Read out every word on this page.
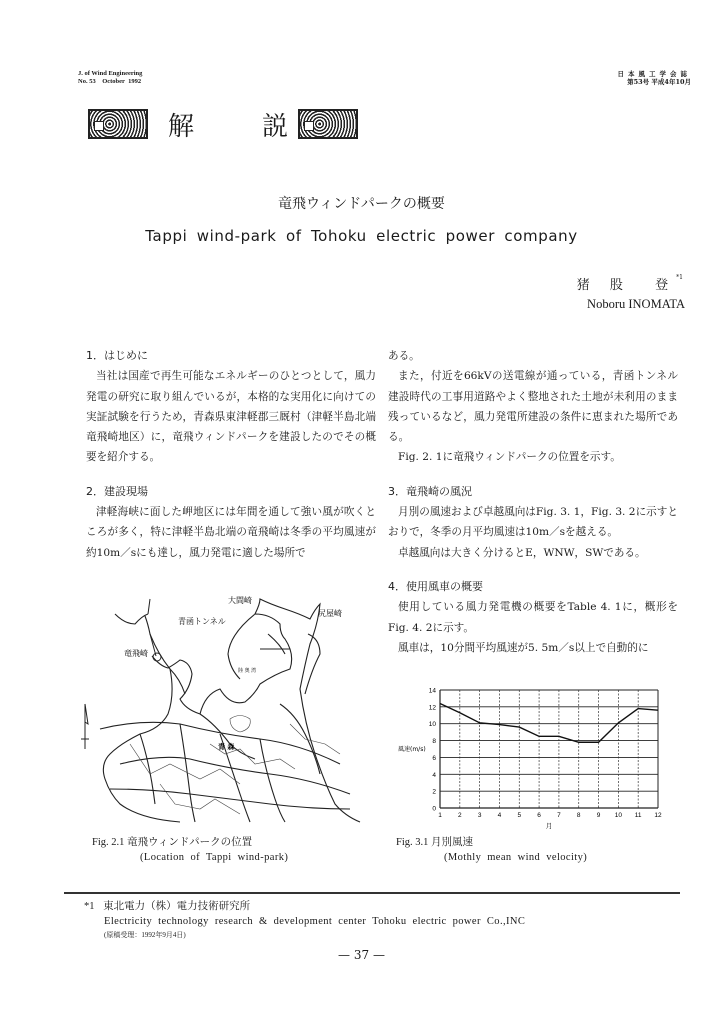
J. of Wind Engineering
No. 53    October  1992
日本風工学会誌
第53号 平成4年10月
解	説
竜飛ウィンドパークの概要
Tappi wind-park of Tohoku electric power company
猪 股  登$^{*1}$
Noboru INOMATA
1．はじめに
当社は国産で再生可能なエネルギーのひとつとして，風力発電の研究に取り組んでいるが，本格的な実用化に向けての実証試験を行うため，青森県東津軽郡三厩村（津軽半島北端竜飛崎地区）に，竜飛ウィンドパークを建設したのでその概要を紹介する。
2．建設現場
津軽海峡に面した岬地区には年間を通して強い風が吹くところが多く，特に津軽半島北端の竜飛崎は冬季の平均風速が約10m／sにも達し，風力発電に適した場所で
ある。
また，付近を66kVの送電線が通っている，青函トンネル建設時代の工事用道路やよく整地された土地が未利用のまま残っているなど，風力発電所建設の条件に恵まれた場所である。
Fig. 2. 1に竜飛ウィンドパークの位置を示す。
3．竜飛崎の風況
月別の風速および卓越風向はFig. 3. 1，Fig. 3. 2に示すとおりで，冬季の月平均風速は10m／sを越える。
卓越風向は大きく分けるとE，WNW，SWである。
4．使用風車の概要
使用している風力発電機の概要をTable 4. 1に，概形をFig. 4. 2に示す。
風車は，10分間平均風速が5. 5m／s以上で自動的に
大間崎
尻屋崎
青函トンネル
竜飛崎
陸 奥 湾
青 森
0
2
4
6
8
10
12
14
1 2 3 4 5 6 7 8 9 10 11 12
風速(m/s)
月
Fig. 2.1 竜飛ウィンドパークの位置
(Location of Tappi wind-park)
Fig. 3.1 月別風速
(Mothly mean wind velocity)
*1 東北電力（株）電力技術研究所
Electricity technology research & development center Tohoku electric power Co.,INC
(原稿受理：1992年9月4日)
— 37 —
